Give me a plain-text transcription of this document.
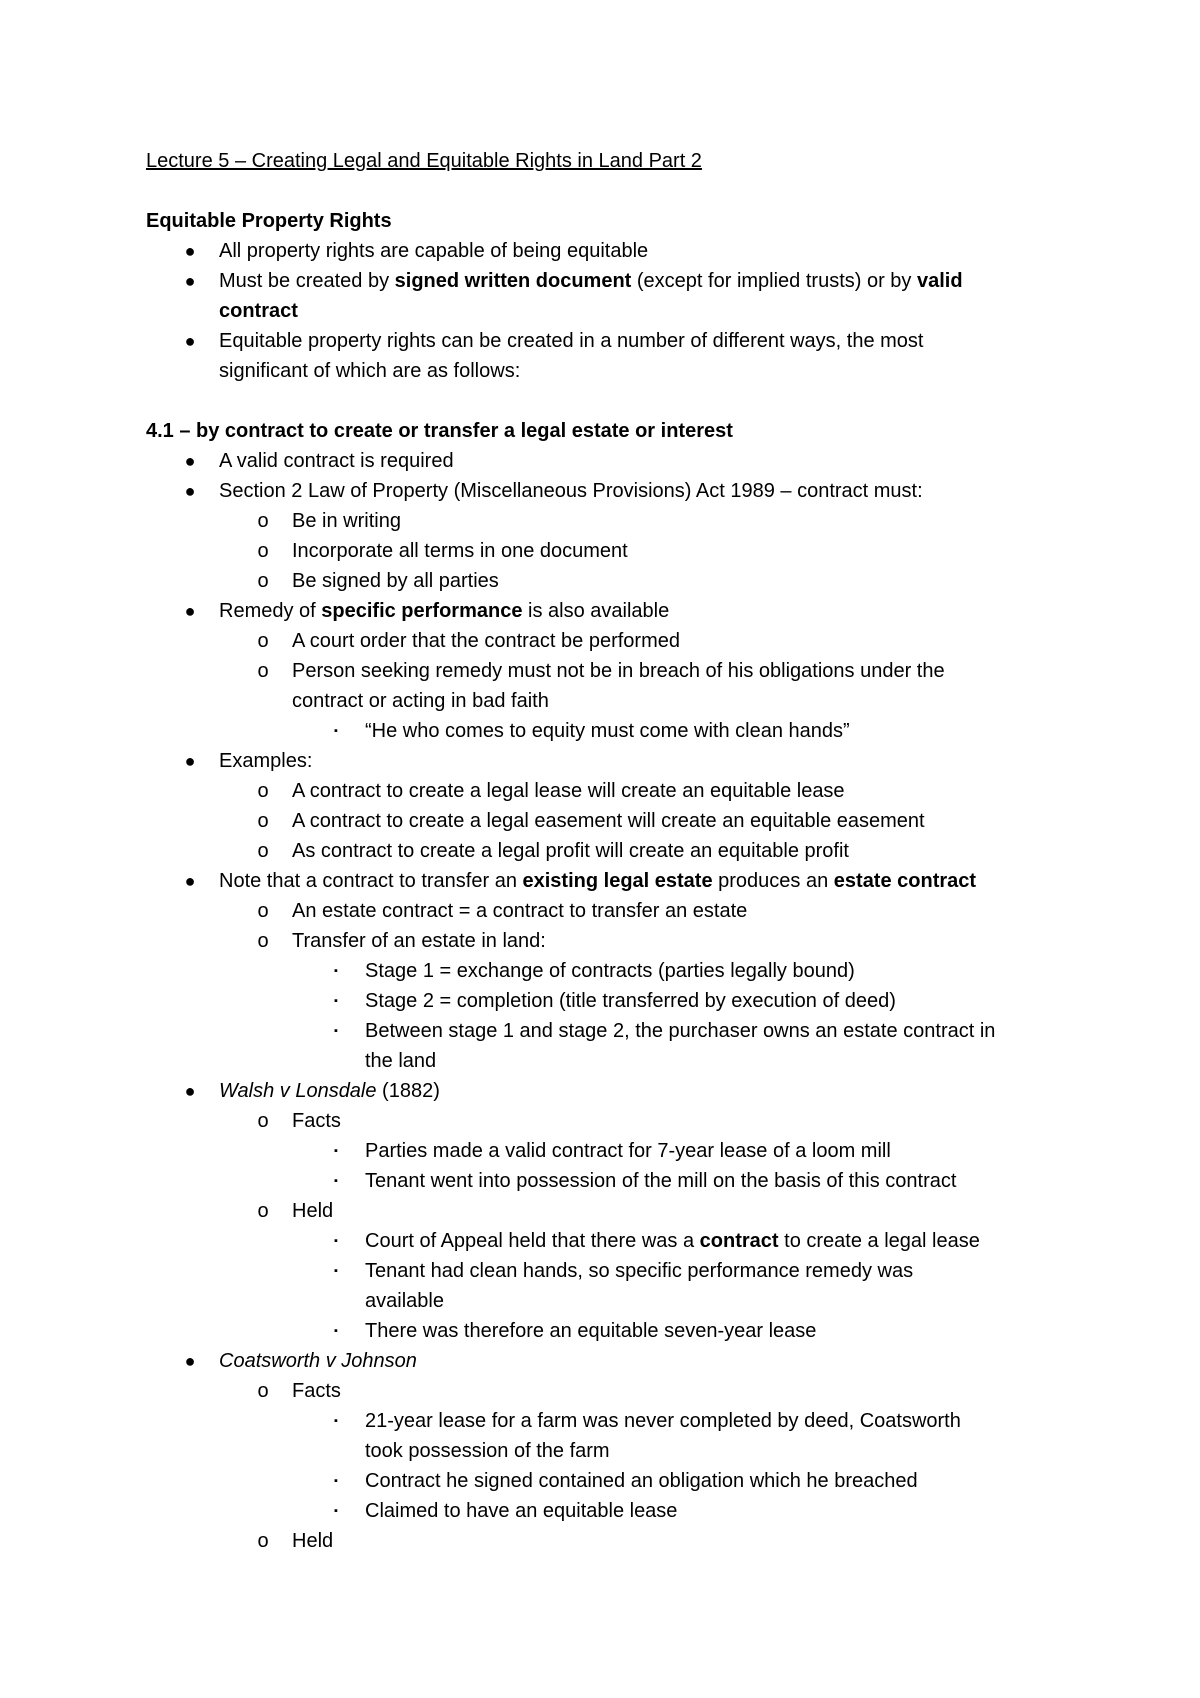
Lecture 5 – Creating Legal and Equitable Rights in Land Part 2
Equitable Property Rights
● All property rights are capable of being equitable
● Must be created by signed written document (except for implied trusts) or by valid
contract
● Equitable property rights can be created in a number of different ways, the most
significant of which are as follows:
4.1 – by contract to create or transfer a legal estate or interest
● A valid contract is required
● Section 2 Law of Property (Miscellaneous Provisions) Act 1989 – contract must:
o Be in writing
o Incorporate all terms in one document
o Be signed by all parties
● Remedy of specific performance is also available
o A court order that the contract be performed
o Person seeking remedy must not be in breach of his obligations under the
contract or acting in bad faith
▪	“He who comes to equity must come with clean hands”
● Examples:
o A contract to create a legal lease will create an equitable lease
o A contract to create a legal easement will create an equitable easement
o As contract to create a legal profit will create an equitable profit
● Note that a contract to transfer an existing legal estate produces an estate contract
o An estate contract = a contract to transfer an estate
o Transfer of an estate in land:
▪	Stage 1 = exchange of contracts (parties legally bound)
▪	Stage 2 = completion (title transferred by execution of deed)
▪	Between stage 1 and stage 2, the purchaser owns an estate contract in
the land
● Walsh v Lonsdale (1882)
o Facts
▪	Parties made a valid contract for 7-year lease of a loom mill
▪	Tenant went into possession of the mill on the basis of this contract
o Held
▪	Court of Appeal held that there was a contract to create a legal lease
▪	Tenant had clean hands, so specific performance remedy was
available
▪	There was therefore an equitable seven-year lease
● Coatsworth v Johnson
o Facts
▪	21-year lease for a farm was never completed by deed, Coatsworth
took possession of the farm
▪	Contract he signed contained an obligation which he breached
▪	Claimed to have an equitable lease
o Held
